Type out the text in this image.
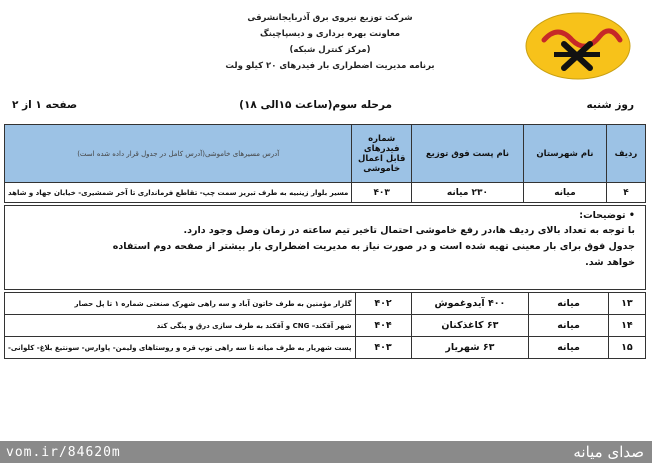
شرکت توزیع نیروی برق آذربایجانشرقی
معاونت بهره برداری و دیسپاچینگ
(مرکز کنترل شبکه)
برنامه مدیریت اضطراری بار فیدرهای ۲۰ کیلو ولت
روز شنبه
مرحله سوم(ساعت ۱۵الی ۱۸)
صفحه ۱ از ۲
ردیف	نام شهرستان	نام پست فوق توزیع	شماره فیدرهای قابل اعمال خاموشی	آدرس مسیرهای خاموشی(آدرس کامل در جدول قرار داده شده است)
۴	میانه	۲۳۰ میانه	۴۰۳	مسیر بلوار زینبیه به طرف تبریز سمت چپ- تقاطع فرمانداری تا آخر شمشیری- خیابان جهاد و شاهد
• توضیحات:
با توجه به تعداد بالای ردیف ها،در رفع خاموشی احتمال تاخیر تیم ساعته در زمان وصل وجود دارد.
جدول فوق برای بار معینی تهیه شده است و در صورت نیاز به مدیریت اضطراری بار بیشتر از صفحه دوم استفاده
خواهد شد.
۱۳	میانه	۴۰۰ آیدوغموش	۴۰۲	گلزار مؤمنین به طرف خاتون آباد و سه راهی شهرک صنعتی شماره ۱ تا پل حصار
۱۴	میانه	۶۳ کاغذکنان	۴۰۴	شهر آقکند– CNG و آقکند به طرف سازی درق و پنگی کند
۱۵	میانه	۶۳ شهریار	۴۰۳	پست شهریار به طرف میانه تا سه راهی توپ قره و روستاهای ولیمن- پاوارس- سونتیغ بلاغ- کلوانی-
vom.ir/84620m	صدای میانه
